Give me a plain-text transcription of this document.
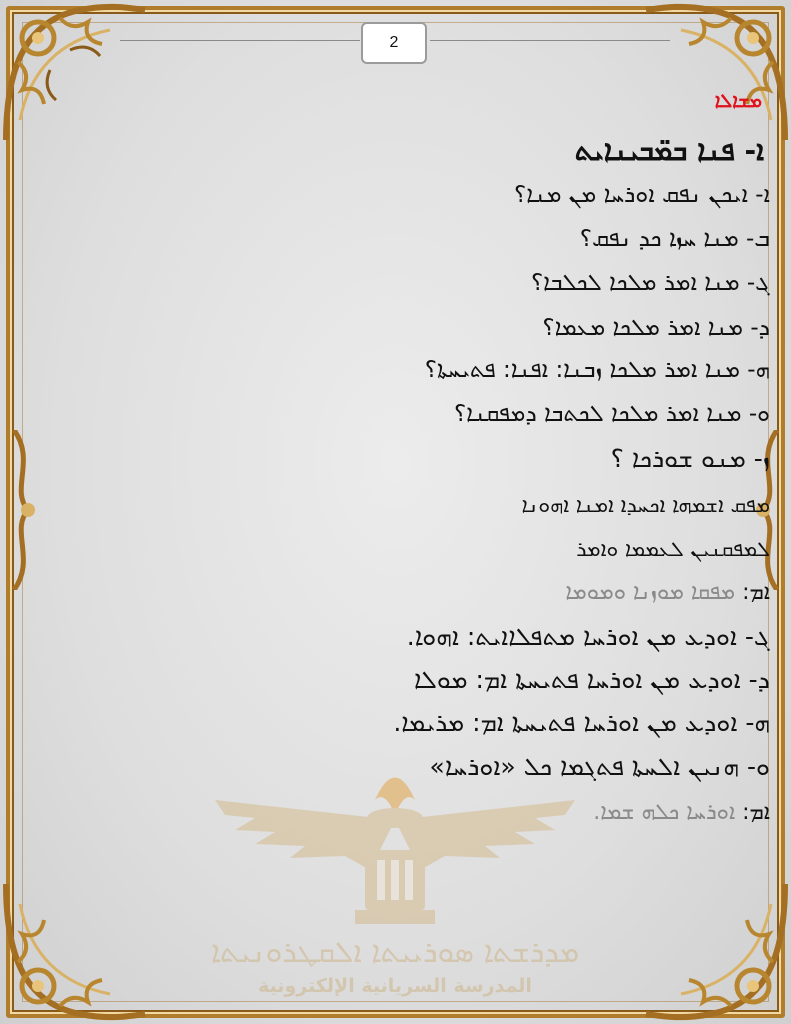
2
ܡܕܪܫܬܐ ܣܘܪܝܝܬܐ ܐܠܩܛܪܘܢܝܬܐ
المدرسة السريانية الإلكترونية
ܡܫܐܠܐ
ܐ- ܦܢܐ ܒܡ̈ܒܝܢܐܝܬ
ܐ- ܐܝܟܢ ܢܦܩ ܐܘܪܚܐ ܡܢ ܡܢܐ؟
ܒ- ܡܢܐ ܚܙܐ ܟܕ ܢܦܩ؟
ܓ- ܡܢܐ ܐܡܪ ܡܠܟܐ ܠܟܠܒܐ؟
ܕ- ܡܢܐ ܐܡܪ ܡܠܟܐ ܡܥܡܐ؟
ܗ- ܡܢܐ ܐܡܪ ܡܠܟܐ ܙܒܢܐ: ܐܦܢܐ: ܦܬܝܚܬܐ؟
ܘ- ܡܢܐ ܐܡܪ ܡܠܟܐ ܠܟܬܒܐ ܕܡܦܩܢܐ؟
ܙ- ܡܢܘ ܫܘܪܟܐ ؟
ܡܦܩ ܐܫܡܗܐ ܐܟܚܕܐ ܐܡܢܐ ܐܗܘܢܐ
ܠܡܦܩܢܝܢ ܠܥܡܡܐ ܘܐܡܪ
ܐܡ: ܡܦܩܐ ܡܘܙܢܐ ܘܡܘܡܐ
ܓ- ܐܘܕܥ ܡܢ ܐܘܪܚܐ ܡܬܦܠܐܐܝܬ: ܐܗܘܐ.
ܕ- ܐܘܕܥ ܡܢ ܐܘܪܚܐ ܦܬܝܚܬܐ ܐܡ: ܡܘܠܐ
ܗ- ܐܘܕܥ ܡܢ ܐܘܪܚܐ ܦܬܝܚܬܐ ܐܡ: ܡܪܝܡܐ.
ܘ- ܗܢܝܢ ܐܠܚܬܐ ܦܬܓܡܐ ܟܠ «ܐܘܪܚܐ»
ܐܡ: ܐܘܪܚܐ ܟܠܗ ܫܡܐ.
